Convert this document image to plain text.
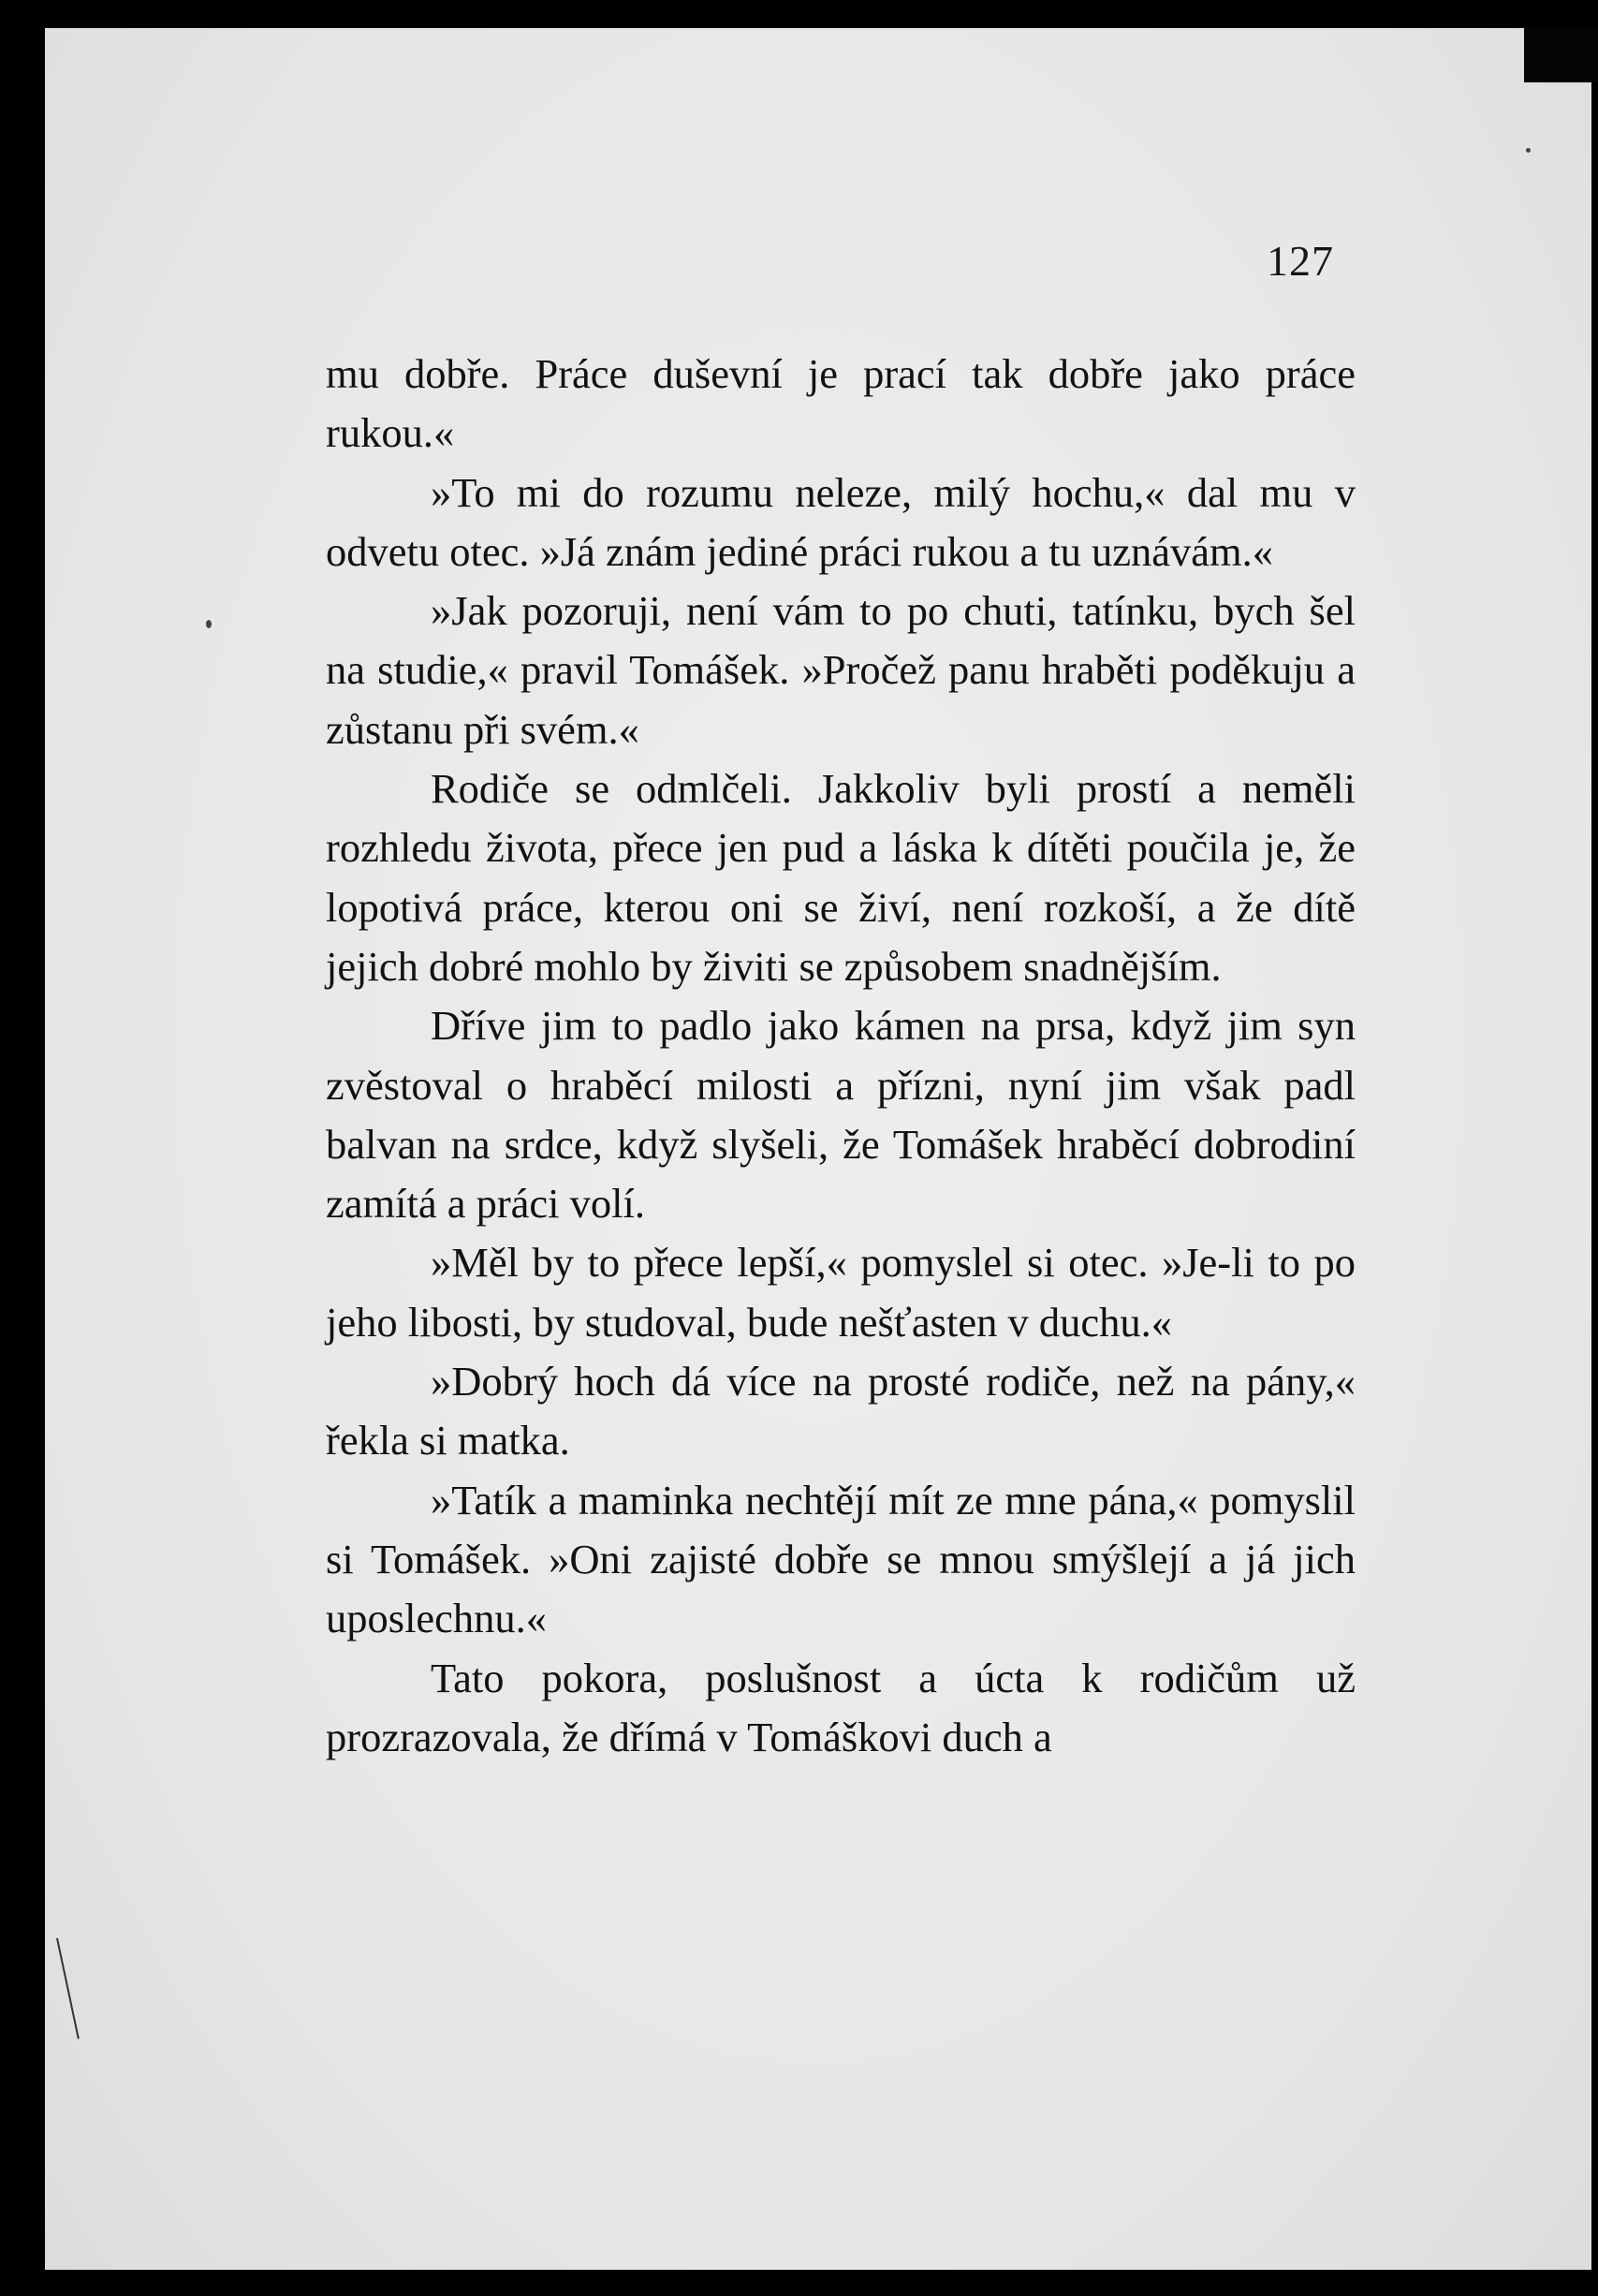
127

mu dobře. Práce duševní je prací tak dobře jako práce rukou.«

»To mi do rozumu neleze, milý hochu,« dal mu v odvetu otec. »Já znám jediné práci rukou a tu uznávám.«

»Jak pozoruji, není vám to po chuti, tatínku, bych šel na studie,« pravil Tomášek. »Pročež panu hraběti poděkuju a zůstanu při svém.«

Rodiče se odmlčeli. Jakkoliv byli prostí a neměli rozhledu života, přece jen pud a láska k dítěti poučila je, že lopotivá práce, kterou oni se živí, není rozkoší, a že dítě jejich dobré mohlo by živiti se způsobem snadnějším.

Dříve jim to padlo jako kámen na prsa, když jim syn zvěstoval o hraběcí milosti a přízni, nyní jim však padl balvan na srdce, když slyšeli, že Tomášek hraběcí dobrodiní zamítá a práci volí.

»Měl by to přece lepší,« pomyslel si otec. »Je-li to po jeho libosti, by studoval, bude nešťasten v duchu.«

»Dobrý hoch dá více na prosté rodiče, než na pány,« řekla si matka.

»Tatík a maminka nechtějí mít ze mne pána,« pomyslil si Tomášek. »Oni zajisté dobře se mnou smýšlejí a já jich uposlechnu.«

Tato pokora, poslušnost a úcta k rodičům už prozrazovala, že dřímá v Tomáškovi duch a
